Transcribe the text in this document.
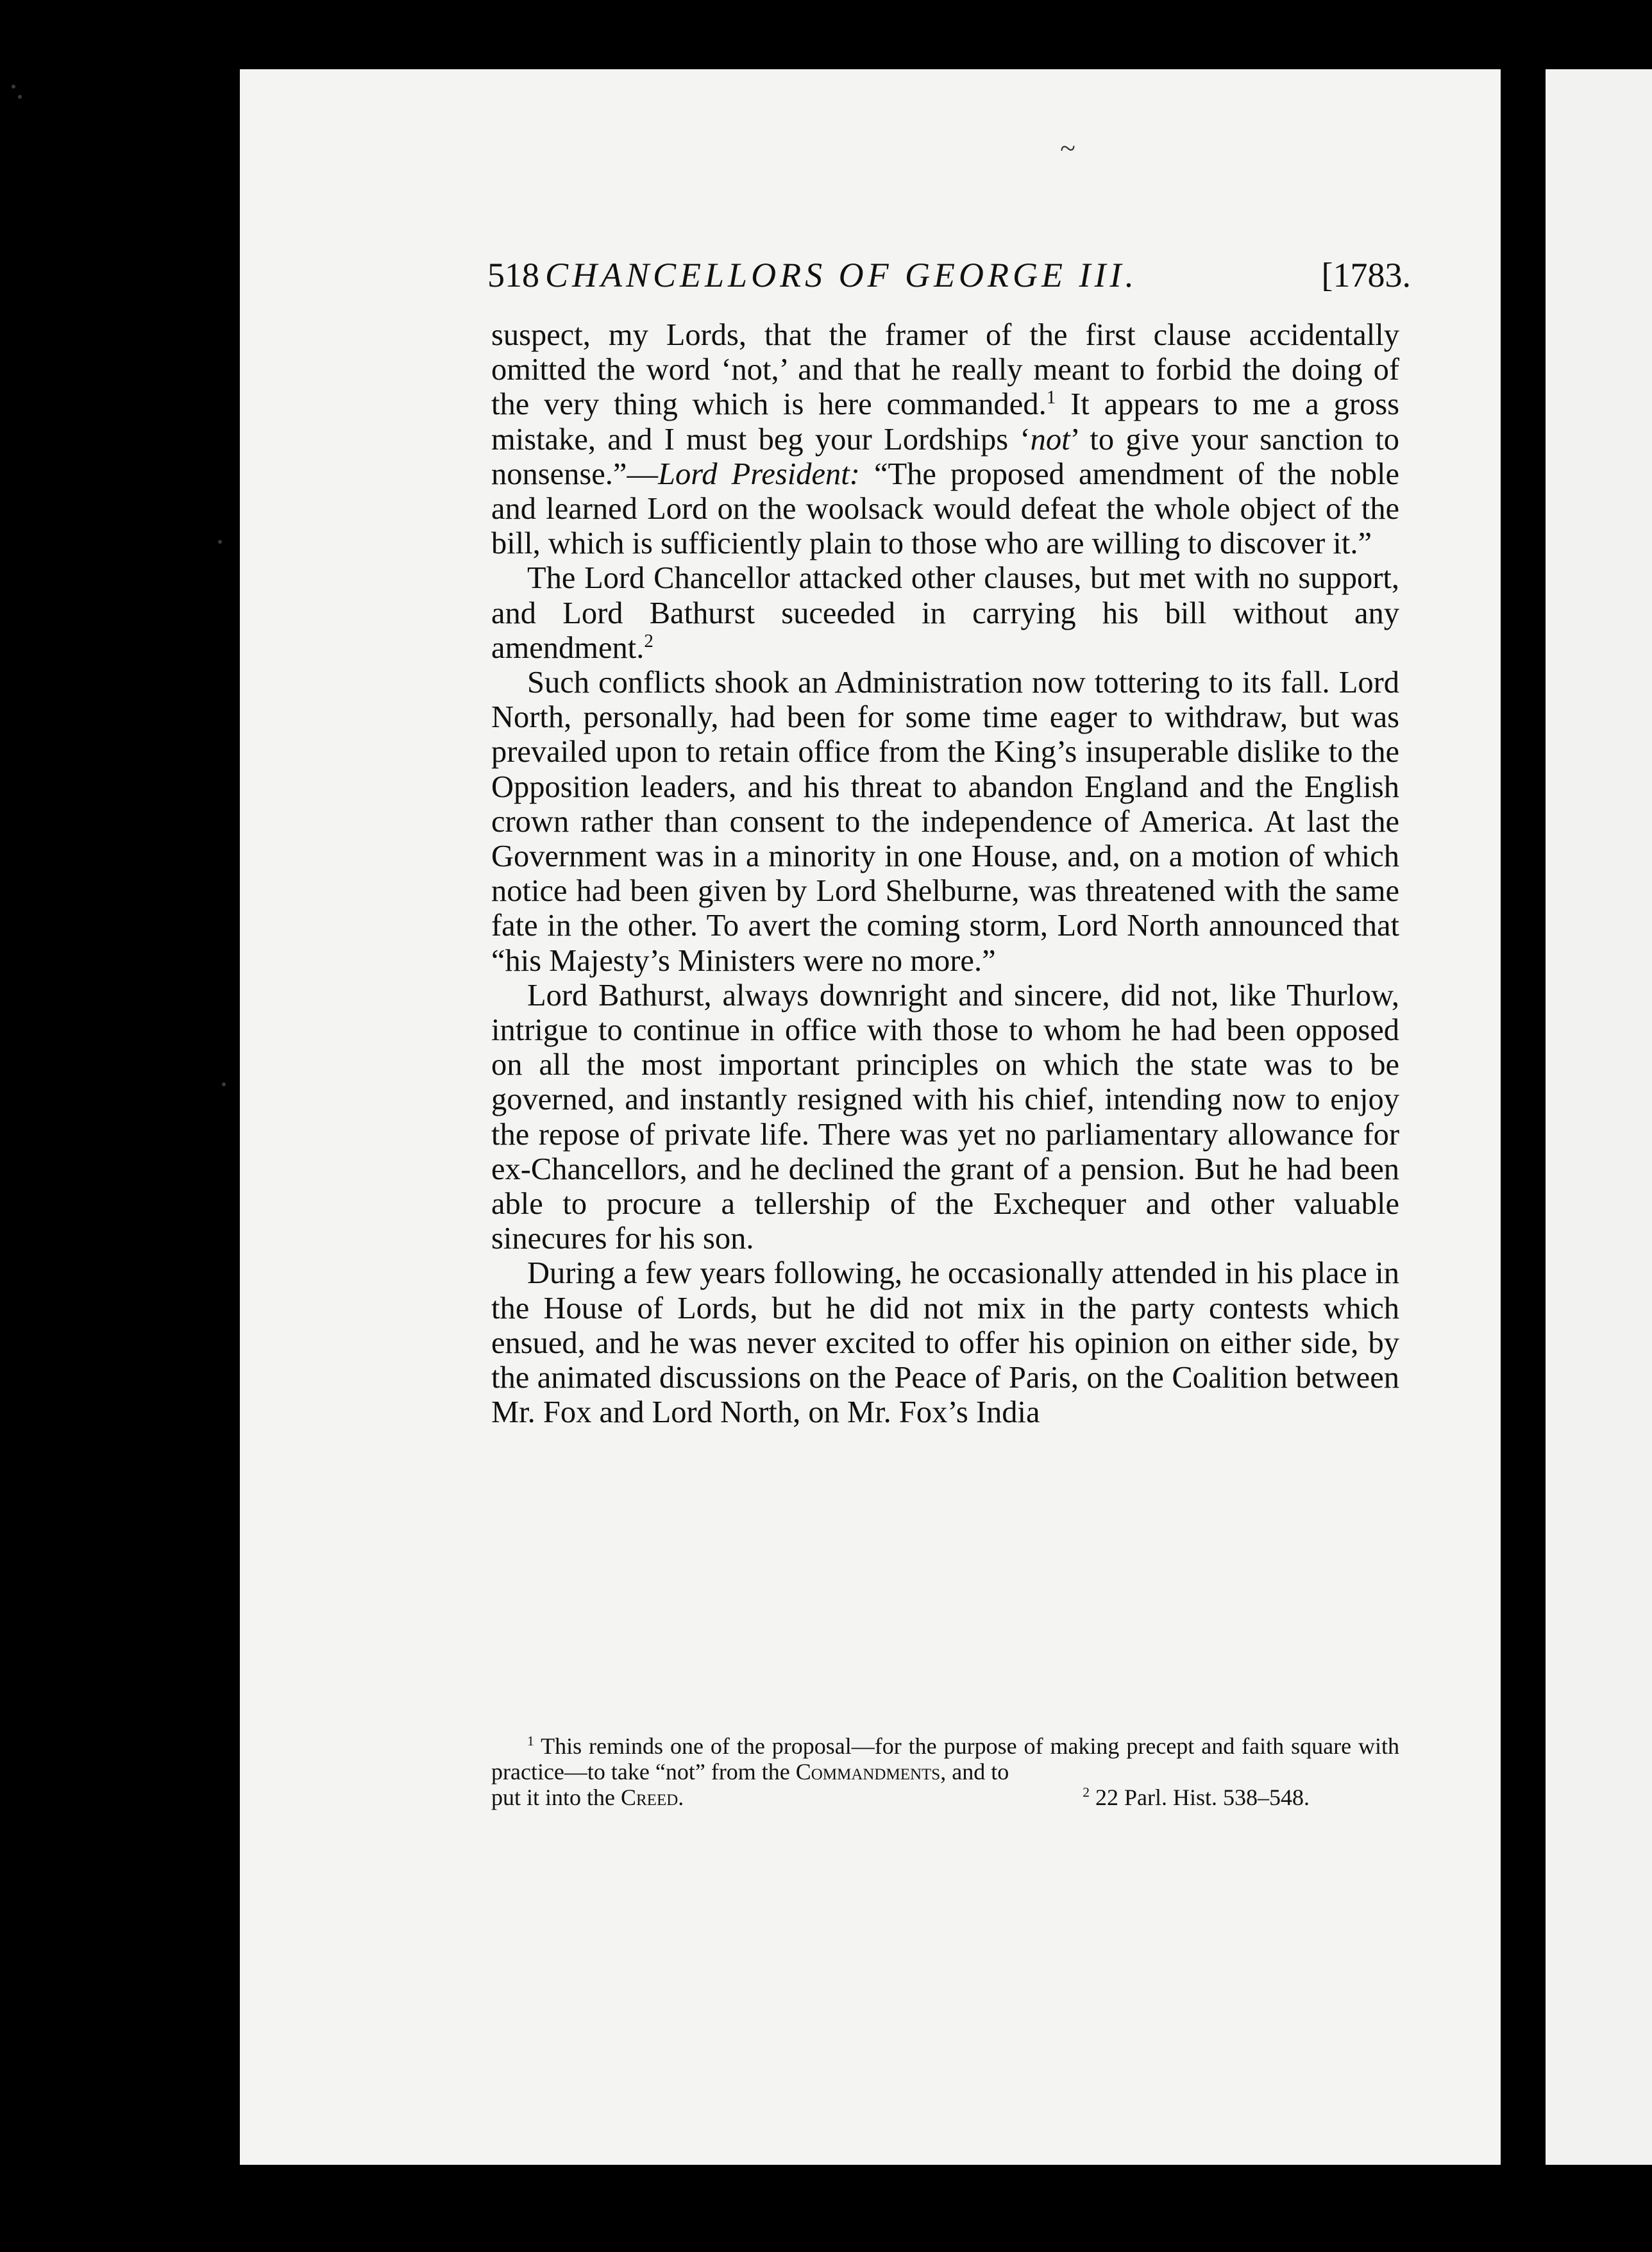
~
518 CHANCELLORS OF GEORGE III.	[1783.

suspect, my Lords, that the framer of the first clause accidentally omitted the word ‘not,’ and that he really meant to forbid the doing of the very thing which is here commanded.$^1$ It appears to me a gross mistake, and I must beg your Lordships ‘not’ to give your sanction to nonsense.”—Lord President: “The proposed amendment of the noble and learned Lord on the woolsack would defeat the whole object of the bill, which is sufficiently plain to those who are willing to discover it.”

The Lord Chancellor attacked other clauses, but met with no support, and Lord Bathurst suceeded in carrying his bill without any amendment.$^2$

Such conflicts shook an Administration now tottering to its fall. Lord North, personally, had been for some time eager to withdraw, but was prevailed upon to retain office from the King’s insuperable dislike to the Opposition leaders, and his threat to abandon England and the English crown rather than consent to the independence of America. At last the Government was in a minority in one House, and, on a motion of which notice had been given by Lord Shelburne, was threatened with the same fate in the other. To avert the coming storm, Lord North announced that “his Majesty’s Ministers were no more.”

Lord Bathurst, always downright and sincere, did not, like Thurlow, intrigue to continue in office with those to whom he had been opposed on all the most important principles on which the state was to be governed, and instantly resigned with his chief, intending now to enjoy the repose of private life. There was yet no parliamentary allowance for ex-Chancellors, and he declined the grant of a pension. But he had been able to procure a tellership of the Exchequer and other valuable sinecures for his son.

During a few years following, he occasionally attended in his place in the House of Lords, but he did not mix in the party contests which ensued, and he was never excited to offer his opinion on either side, by the animated discussions on the Peace of Paris, on the Coalition between Mr. Fox and Lord North, on Mr. Fox’s India

$^1$ This reminds one of the proposal—for the purpose of making precept and faith square with practice—to take “not” from the Commandments, and to

put it into the Creed.	$^2$ 22 Parl. Hist. 538–548.
